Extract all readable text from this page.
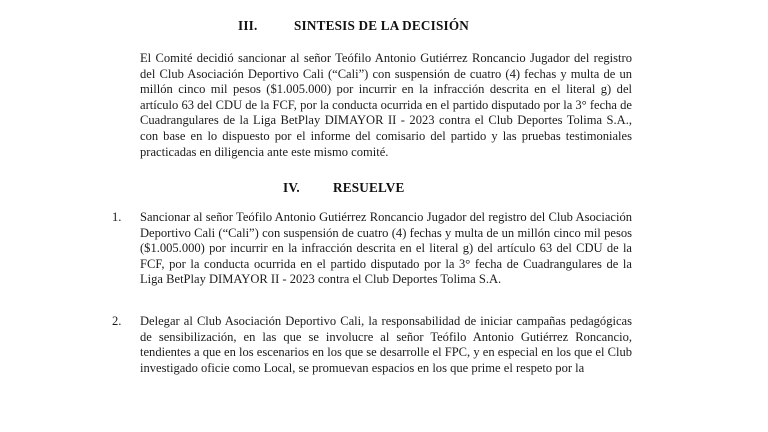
III.	SINTESIS DE LA DECISIÓN
El Comité decidió sancionar al señor Teófilo Antonio Gutiérrez Roncancio Jugador del registro del Club Asociación Deportivo Cali (“Cali”) con suspensión de cuatro (4) fechas y multa de un millón cinco mil pesos ($1.005.000) por incurrir en la infracción descrita en el literal g) del artículo 63 del CDU de la FCF, por la conducta ocurrida en el partido disputado por la 3° fecha de Cuadrangulares de la Liga BetPlay DIMAYOR II - 2023 contra el Club Deportes Tolima S.A., con base en lo dispuesto por el informe del comisario del partido y las pruebas testimoniales practicadas en diligencia ante este mismo comité.
IV.	RESUELVE
1.	Sancionar al señor Teófilo Antonio Gutiérrez Roncancio Jugador del registro del Club Asociación Deportivo Cali (“Cali”) con suspensión de cuatro (4) fechas y multa de un millón cinco mil pesos ($1.005.000) por incurrir en la infracción descrita en el literal g) del artículo 63 del CDU de la FCF, por la conducta ocurrida en el partido disputado por la 3° fecha de Cuadrangulares de la Liga BetPlay DIMAYOR II - 2023 contra el Club Deportes Tolima S.A.
2.	Delegar al Club Asociación Deportivo Cali, la responsabilidad de iniciar campañas pedagógicas de sensibilización, en las que se involucre al señor Teófilo Antonio Gutiérrez Roncancio, tendientes a que en los escenarios en los que se desarrolle el FPC, y en especial en los que el Club investigado oficie como Local, se promuevan espacios en los que prime el respeto por la
